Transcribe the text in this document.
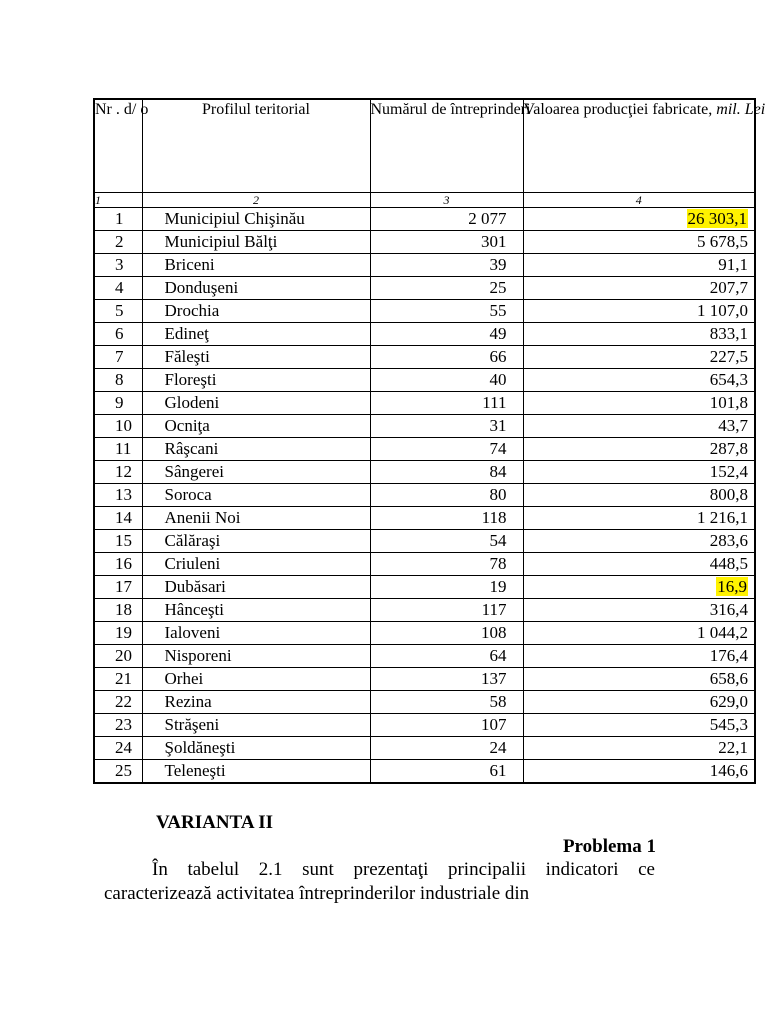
Nr . d/ o	Profilul teritorial	Numărul de întreprinderi	Valoarea producţiei fabricate, mil. Lei
1	2	3	4
1	Municipiul Chişinău	2 077	26 303,1
2	Municipiul Bălţi	301	5 678,5
3	Briceni	39	91,1
4	Donduşeni	25	207,7
5	Drochia	55	1 107,0
6	Edineţ	49	833,1
7	Făleşti	66	227,5
8	Floreşti	40	654,3
9	Glodeni	111	101,8
10	Ocniţa	31	43,7
11	Râşcani	74	287,8
12	Sângerei	84	152,4
13	Soroca	80	800,8
14	Anenii Noi	118	1 216,1
15	Călăraşi	54	283,6
16	Criuleni	78	448,5
17	Dubăsari	19	16,9
18	Hânceşti	117	316,4
19	Ialoveni	108	1 044,2
20	Nisporeni	64	176,4
21	Orhei	137	658,6
22	Rezina	58	629,0
23	Străşeni	107	545,3
24	Şoldăneşti	24	22,1
25	Teleneşti	61	146,6

VARIANTA II

Problema 1

În tabelul 2.1 sunt prezentaţi principalii indicatori ce caracterizează activitatea întreprinderilor industriale din
